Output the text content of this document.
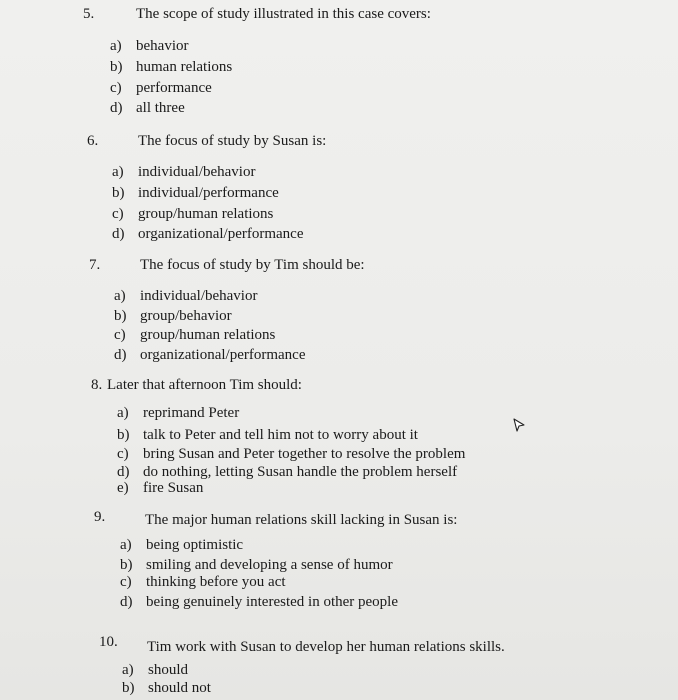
5.	The scope of study illustrated in this case covers:
a) behavior
b) human relations
c) performance
d) all three
6.	The focus of study by Susan is:
a) individual/behavior
b) individual/performance
c) group/human relations
d) organizational/performance
7.	The focus of study by Tim should be:
a) individual/behavior
b) group/behavior
c) group/human relations
d) organizational/performance
8. Later that afternoon Tim should:
a) reprimand Peter
b) talk to Peter and tell him not to worry about it
c) bring Susan and Peter together to resolve the problem
d) do nothing, letting Susan handle the problem herself
e) fire Susan
9.	The major human relations skill lacking in Susan is:
a) being optimistic
b) smiling and developing a sense of humor
c) thinking before you act
d) being genuinely interested in other people
10. Tim work with Susan to develop her human relations skills.
a) should
b) should not
